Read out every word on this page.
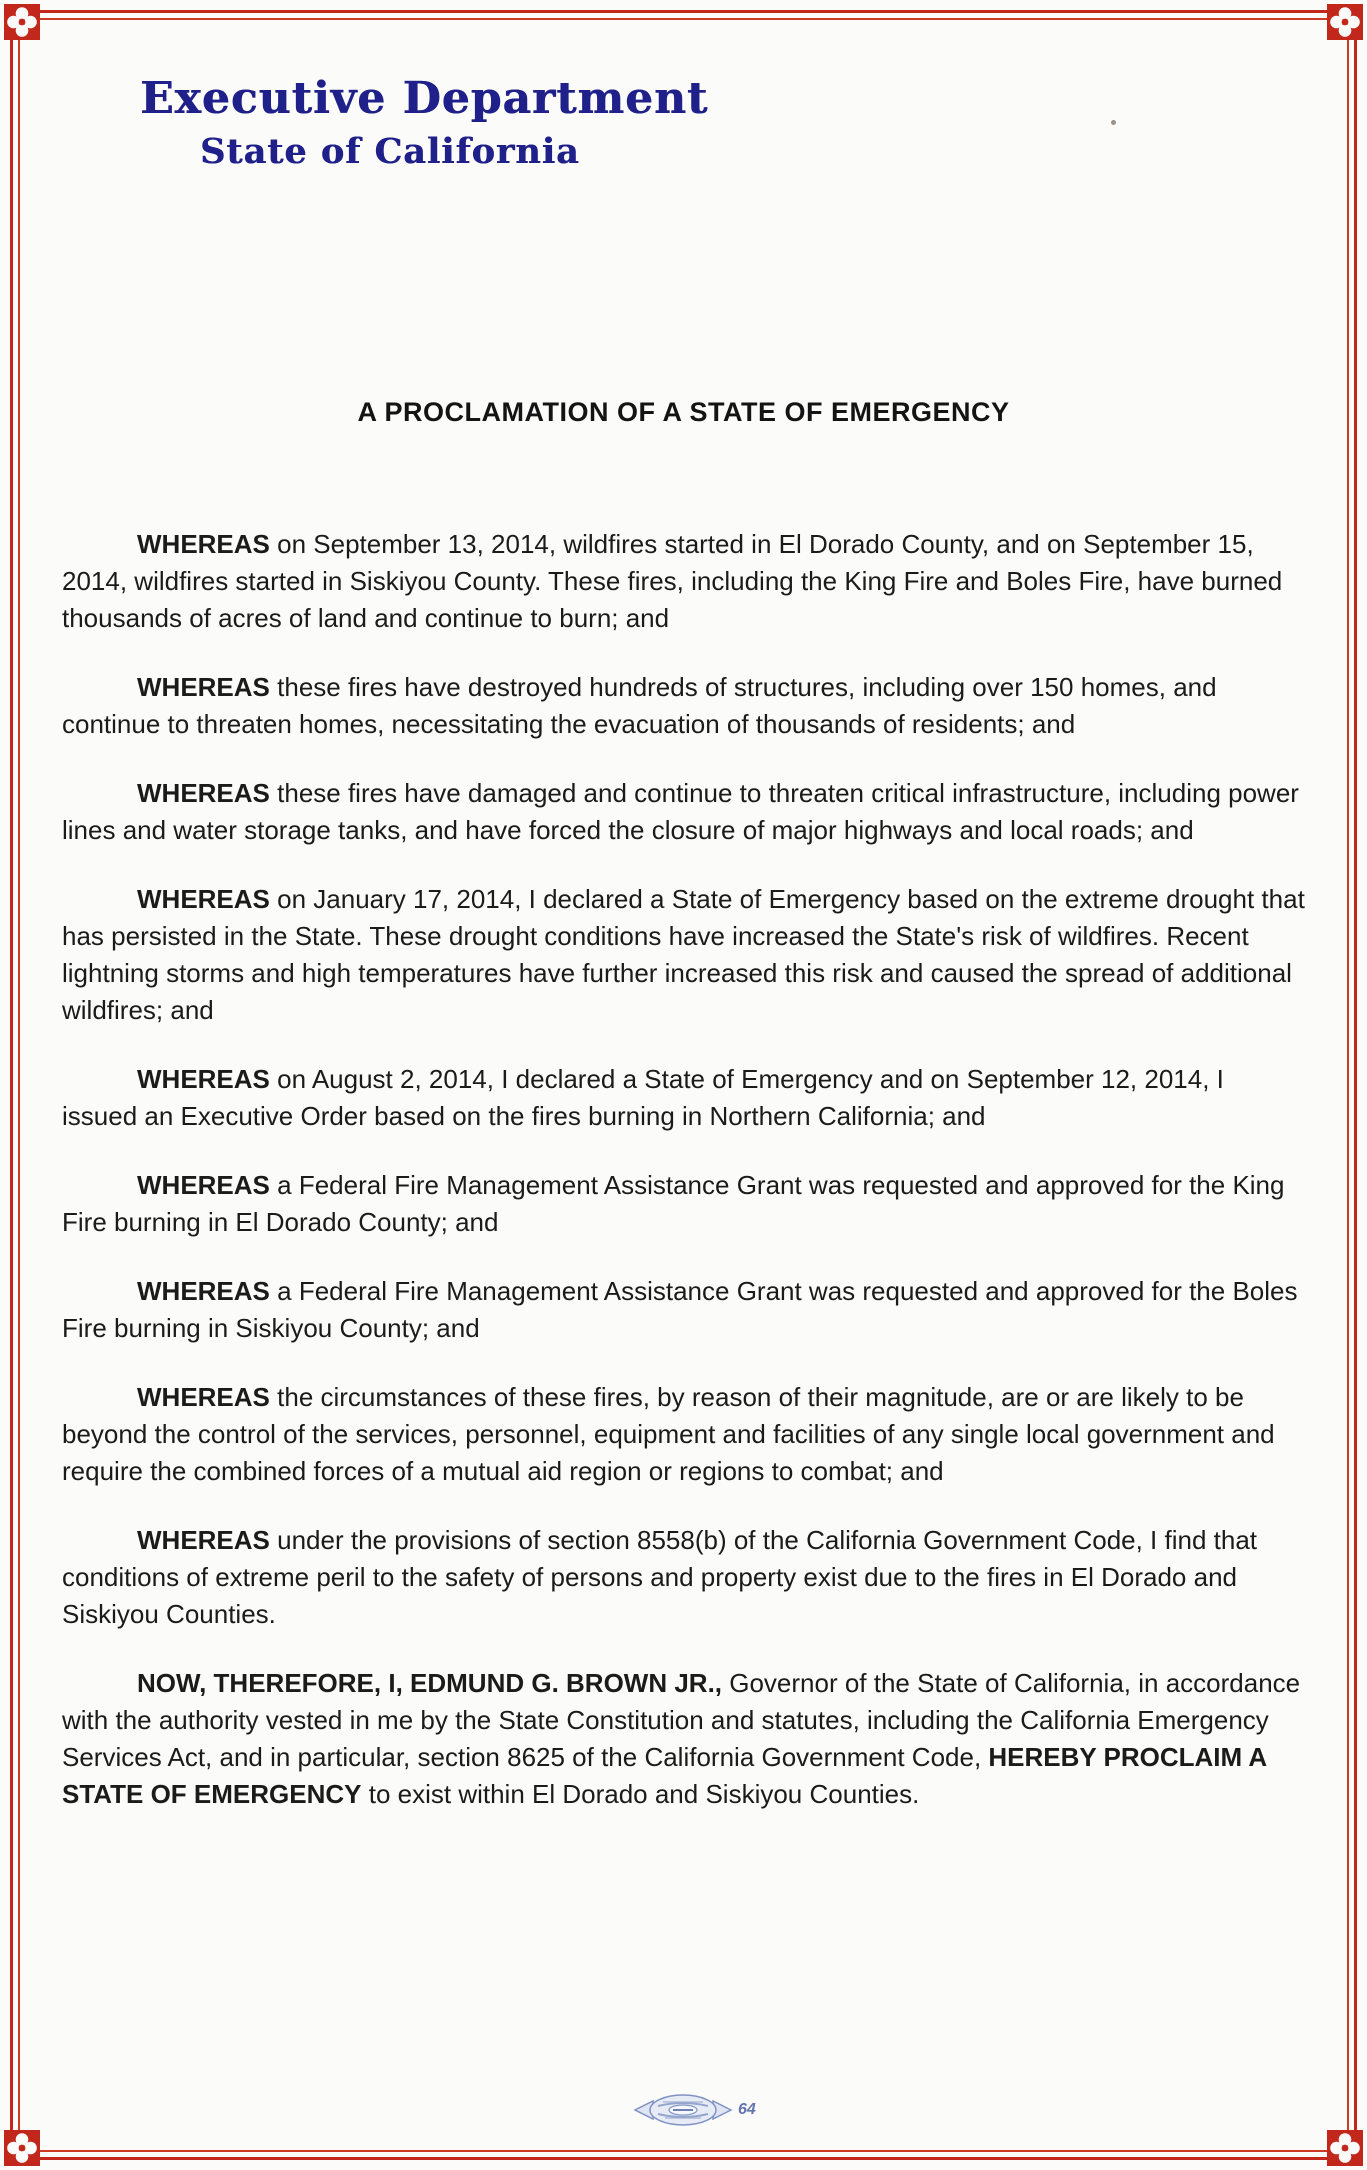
Executive Department
State of California
A PROCLAMATION OF A STATE OF EMERGENCY

WHEREAS on September 13, 2014, wildfires started in El Dorado County, and on September 15, 2014, wildfires started in Siskiyou County. These fires, including the King Fire and Boles Fire, have burned thousands of acres of land and continue to burn; and

WHEREAS these fires have destroyed hundreds of structures, including over 150 homes, and continue to threaten homes, necessitating the evacuation of thousands of residents; and

WHEREAS these fires have damaged and continue to threaten critical infrastructure, including power lines and water storage tanks, and have forced the closure of major highways and local roads; and

WHEREAS on January 17, 2014, I declared a State of Emergency based on the extreme drought that has persisted in the State. These drought conditions have increased the State's risk of wildfires. Recent lightning storms and high temperatures have further increased this risk and caused the spread of additional wildfires; and

WHEREAS on August 2, 2014, I declared a State of Emergency and on September 12, 2014, I issued an Executive Order based on the fires burning in Northern California; and

WHEREAS a Federal Fire Management Assistance Grant was requested and approved for the King Fire burning in El Dorado County; and

WHEREAS a Federal Fire Management Assistance Grant was requested and approved for the Boles Fire burning in Siskiyou County; and

WHEREAS the circumstances of these fires, by reason of their magnitude, are or are likely to be beyond the control of the services, personnel, equipment and facilities of any single local government and require the combined forces of a mutual aid region or regions to combat; and

WHEREAS under the provisions of section 8558(b) of the California Government Code, I find that conditions of extreme peril to the safety of persons and property exist due to the fires in El Dorado and Siskiyou Counties.

NOW, THEREFORE, I, EDMUND G. BROWN JR., Governor of the State of California, in accordance with the authority vested in me by the State Constitution and statutes, including the California Emergency Services Act, and in particular, section 8625 of the California Government Code, HEREBY PROCLAIM A STATE OF EMERGENCY to exist within El Dorado and Siskiyou Counties.

64
